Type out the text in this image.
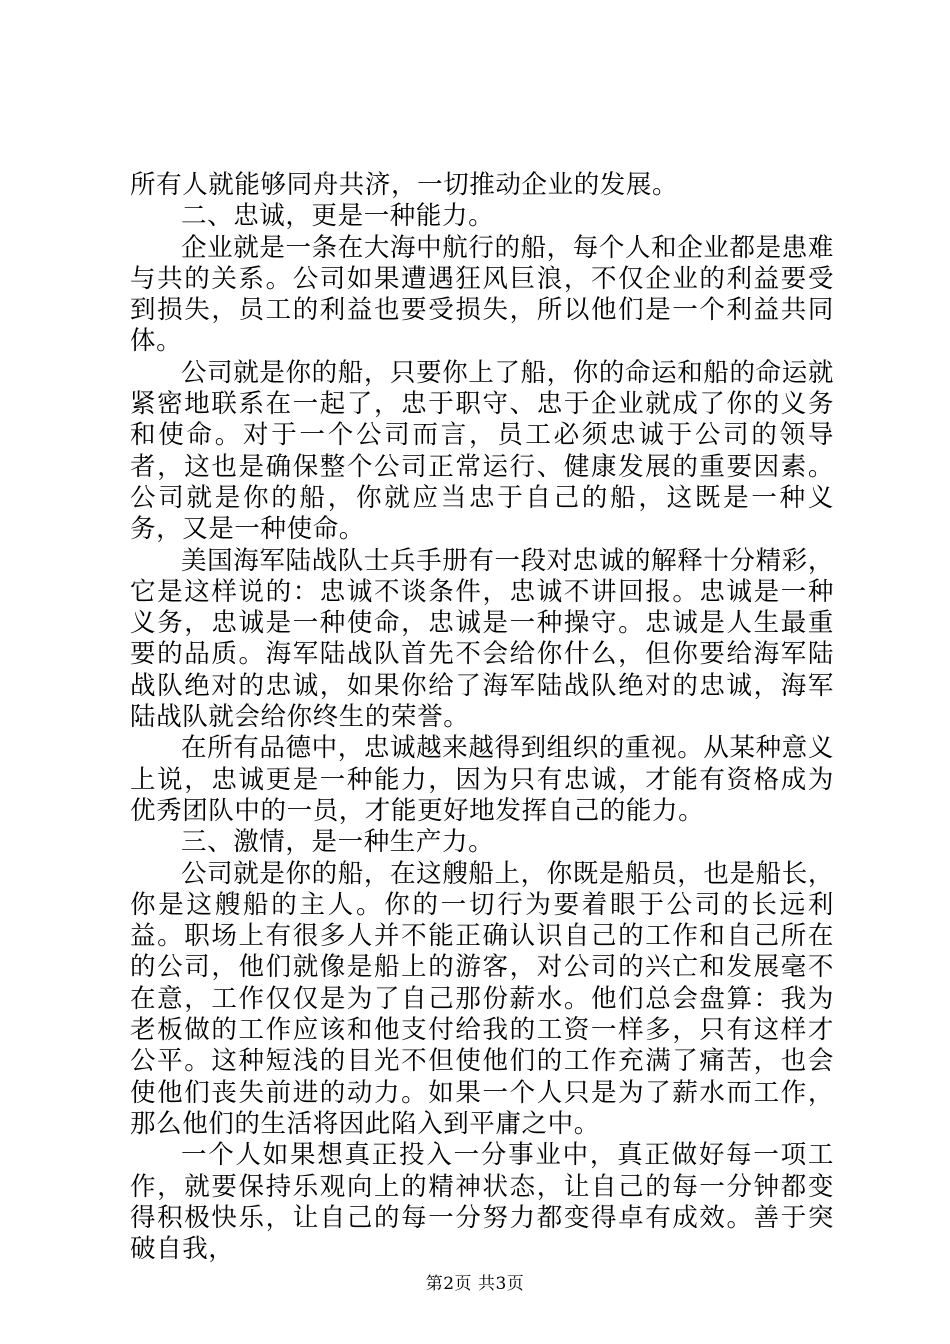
所有人就能够同舟共济，一切推动企业的发展。

二、忠诚，更是一种能力。

企业就是一条在大海中航行的船，每个人和企业都是患难与共的关系。公司如果遭遇狂风巨浪，不仅企业的利益要受到损失，员工的利益也要受损失，所以他们是一个利益共同体。

公司就是你的船，只要你上了船，你的命运和船的命运就紧密地联系在一起了，忠于职守、忠于企业就成了你的义务和使命。对于一个公司而言，员工必须忠诚于公司的领导者，这也是确保整个公司正常运行、健康发展的重要因素。公司就是你的船，你就应当忠于自己的船，这既是一种义务，又是一种使命。

美国海军陆战队士兵手册有一段对忠诚的解释十分精彩，它是这样说的：忠诚不谈条件，忠诚不讲回报。忠诚是一种义务，忠诚是一种使命，忠诚是一种操守。忠诚是人生最重要的品质。海军陆战队首先不会给你什么，但你要给海军陆战队绝对的忠诚，如果你给了海军陆战队绝对的忠诚，海军陆战队就会给你终生的荣誉。

在所有品德中，忠诚越来越得到组织的重视。从某种意义上说，忠诚更是一种能力，因为只有忠诚，才能有资格成为优秀团队中的一员，才能更好地发挥自己的能力。

三、激情，是一种生产力。

公司就是你的船，在这艘船上，你既是船员，也是船长，你是这艘船的主人。你的一切行为要着眼于公司的长远利益。职场上有很多人并不能正确认识自己的工作和自己所在的公司，他们就像是船上的游客，对公司的兴亡和发展毫不在意，工作仅仅是为了自己那份薪水。他们总会盘算：我为老板做的工作应该和他支付给我的工资一样多，只有这样才公平。这种短浅的目光不但使他们的工作充满了痛苦，也会使他们丧失前进的动力。如果一个人只是为了薪水而工作，那么他们的生活将因此陷入到平庸之中。

一个人如果想真正投入一分事业中，真正做好每一项工作，就要保持乐观向上的精神状态，让自己的每一分钟都变得积极快乐，让自己的每一分努力都变得卓有成效。善于突破自我，

第2页 共3页
